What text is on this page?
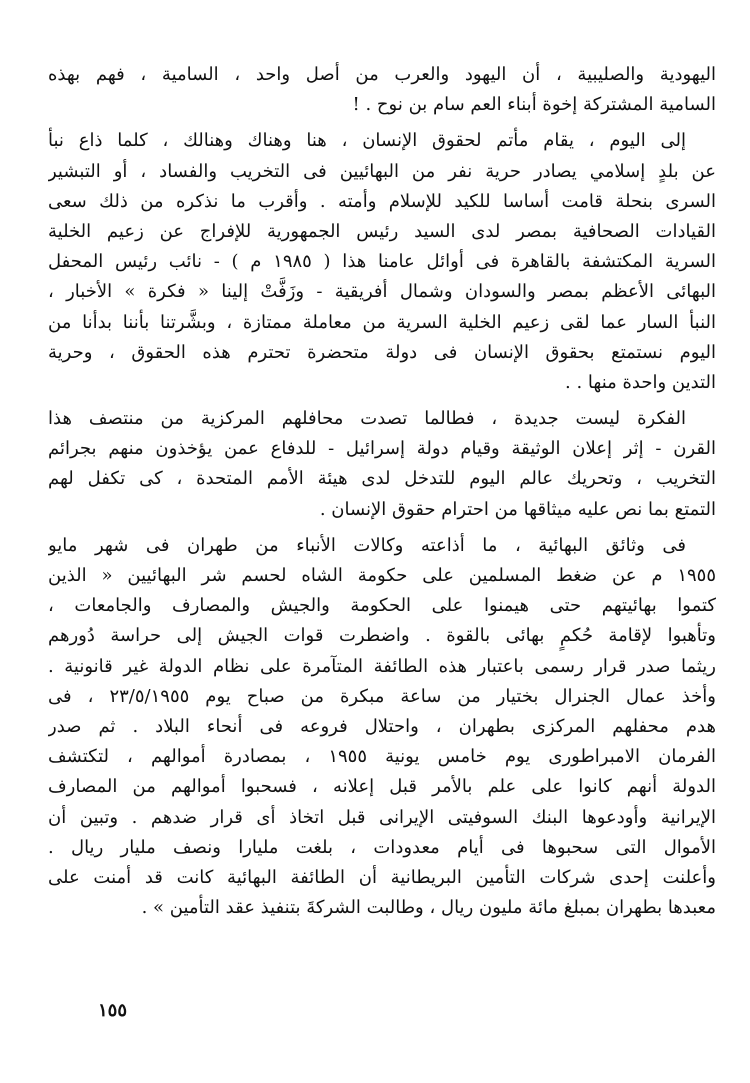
اليهودية والصليبية ، أن اليهود والعرب من أصل واحد ، السامية ، فهم بهذه
السامية المشتركة إخوة أبناء العم سام بن نوح . !
إلى اليوم ، يقام مأتم لحقوق الإنسان ، هنا وهناك وهنالك ، كلما ذاع نبأ
عن بلدٍ إسلامي يصادر حرية نفر من البهائيين فى التخريب والفساد ، أو التبشير
السرى بنحلة قامت أساسا للكيد للإسلام وأمته . وأقرب ما نذكره من ذلك سعى
القيادات الصحافية بمصر لدى السيد رئيس الجمهورية للإفراج عن زعيم الخلية
السرية المكتشفة بالقاهرة فى أوائل عامنا هذا ( ١٩٨٥ م ) - نائب رئيس المحفل
البهائى الأعظم بمصر والسودان وشمال أفريقية - وزَفَّتْ إلينا « فكرة » الأخبار ،
النبأ السار عما لقى زعيم الخلية السرية من معاملة ممتازة ، وبشَّرتنا بأننا بدأنا من
اليوم نستمتع بحقوق الإنسان فى دولة متحضرة تحترم هذه الحقوق ، وحرية
التدين واحدة منها . .
الفكرة ليست جديدة ، فطالما تصدت محافلهم المركزية من منتصف هذا
القرن - إثر إعلان الوثيقة وقيام دولة إسرائيل - للدفاع عمن يؤخذون منهم بجرائم
التخريب ، وتحريك عالم اليوم للتدخل لدى هيئة الأمم المتحدة ، كى تكفل لهم
التمتع بما نص عليه ميثاقها من احترام حقوق الإنسان .
فى وثائق البهائية ، ما أذاعته وكالات الأنباء من طهران فى شهر مايو
١٩٥٥ م عن ضغط المسلمين على حكومة الشاه لحسم شر البهائيين « الذين
كتموا بهائيتهم حتى هيمنوا على الحكومة والجيش والمصارف والجامعات ،
وتأهبوا لإقامة حُكمٍ بهائى بالقوة . واضطرت قوات الجيش إلى حراسة دُورهم
ريثما صدر قرار رسمى باعتبار هذه الطائفة المتآمرة على نظام الدولة غير قانونية .
وأخذ عمال الجنرال بختيار من ساعة مبكرة من صباح يوم ٢٣/٥/١٩٥٥ ، فى
هدم محفلهم المركزى بطهران ، واحتلال فروعه فى أنحاء البلاد . ثم صدر
الفرمان الامبراطورى يوم خامس يونية ١٩٥٥ ، بمصادرة أموالهم ، لتكتشف
الدولة أنهم كانوا على علم بالأمر قبل إعلانه ، فسحبوا أموالهم من المصارف
الإيرانية وأودعوها البنك السوفيتى الإيرانى قبل اتخاذ أى قرار ضدهم . وتبين أن
الأموال التى سحبوها فى أيام معدودات ، بلغت مليارا ونصف مليار ريال .
وأعلنت إحدى شركات التأمين البريطانية أن الطائفة البهائية كانت قد أمنت على
معبدها بطهران بمبلغ مائة مليون ريال ، وطالبت الشركةَ بتنفيذ عقد التأمين » .
١٥٥
